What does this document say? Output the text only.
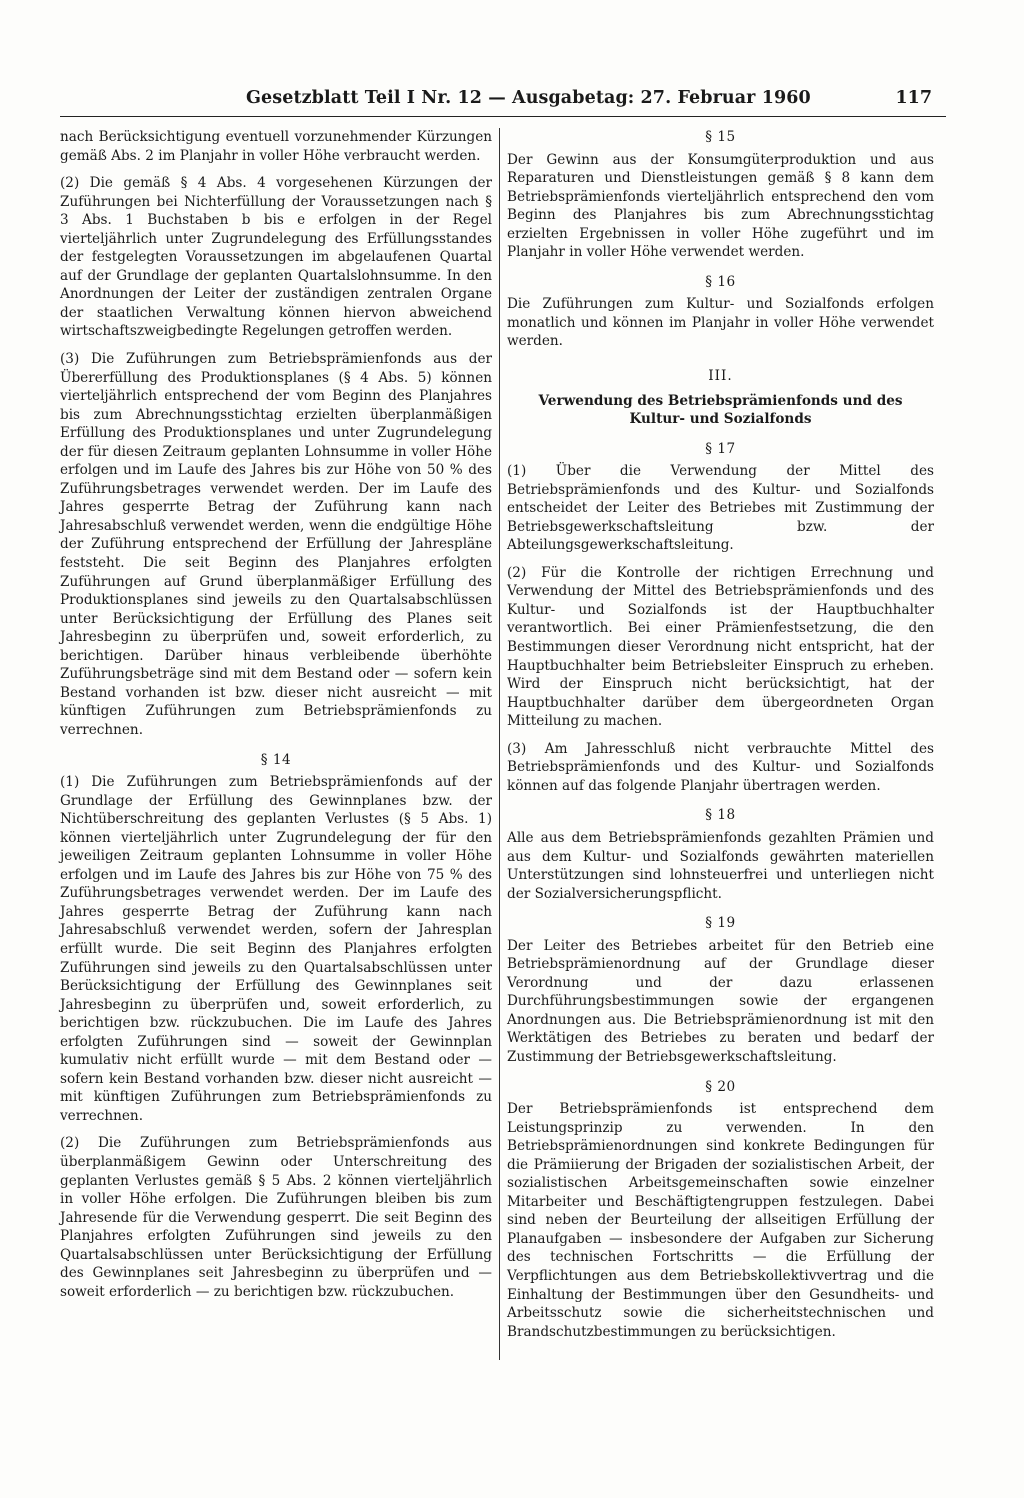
Gesetzblatt Teil I Nr. 12 — Ausgabetag: 27. Februar 1960	117

nach Berücksichtigung eventuell vorzunehmender Kürzungen gemäß Abs. 2 im Planjahr in voller Höhe verbraucht werden.

(2) Die gemäß § 4 Abs. 4 vorgesehenen Kürzungen der Zuführungen bei Nichterfüllung der Voraussetzungen nach § 3 Abs. 1 Buchstaben b bis e erfolgen in der Regel vierteljährlich unter Zugrundelegung des Erfüllungsstandes der festgelegten Voraussetzungen im abgelaufenen Quartal auf der Grundlage der geplanten Quartalslohnsumme. In den Anordnungen der Leiter der zuständigen zentralen Organe der staatlichen Verwaltung können hiervon abweichend wirtschaftszweigbedingte Regelungen getroffen werden.

(3) Die Zuführungen zum Betriebsprämienfonds aus der Übererfüllung des Produktionsplanes (§ 4 Abs. 5) können vierteljährlich entsprechend der vom Beginn des Planjahres bis zum Abrechnungsstichtag erzielten überplanmäßigen Erfüllung des Produktionsplanes und unter Zugrundelegung der für diesen Zeitraum geplanten Lohnsumme in voller Höhe erfolgen und im Laufe des Jahres bis zur Höhe von 50 % des Zuführungsbetrages verwendet werden. Der im Laufe des Jahres gesperrte Betrag der Zuführung kann nach Jahresabschluß verwendet werden, wenn die endgültige Höhe der Zuführung entsprechend der Erfüllung der Jahrespläne feststeht. Die seit Beginn des Planjahres erfolgten Zuführungen auf Grund überplanmäßiger Erfüllung des Produktionsplanes sind jeweils zu den Quartalsabschlüssen unter Berücksichtigung der Erfüllung des Planes seit Jahresbeginn zu überprüfen und, soweit erforderlich, zu berichtigen. Darüber hinaus verbleibende überhöhte Zuführungsbeträge sind mit dem Bestand oder — sofern kein Bestand vorhanden ist bzw. dieser nicht ausreicht — mit künftigen Zuführungen zum Betriebsprämienfonds zu verrechnen.

§ 14

(1) Die Zuführungen zum Betriebsprämienfonds auf der Grundlage der Erfüllung des Gewinnplanes bzw. der Nichtüberschreitung des geplanten Verlustes (§ 5 Abs. 1) können vierteljährlich unter Zugrundelegung der für den jeweiligen Zeitraum geplanten Lohnsumme in voller Höhe erfolgen und im Laufe des Jahres bis zur Höhe von 75 % des Zuführungsbetrages verwendet werden. Der im Laufe des Jahres gesperrte Betrag der Zuführung kann nach Jahresabschluß verwendet werden, sofern der Jahresplan erfüllt wurde. Die seit Beginn des Planjahres erfolgten Zuführungen sind jeweils zu den Quartalsabschlüssen unter Berücksichtigung der Erfüllung des Gewinnplanes seit Jahresbeginn zu überprüfen und, soweit erforderlich, zu berichtigen bzw. rückzubuchen. Die im Laufe des Jahres erfolgten Zuführungen sind — soweit der Gewinnplan kumulativ nicht erfüllt wurde — mit dem Bestand oder — sofern kein Bestand vorhanden bzw. dieser nicht ausreicht — mit künftigen Zuführungen zum Betriebsprämienfonds zu verrechnen.

(2) Die Zuführungen zum Betriebsprämienfonds aus überplanmäßigem Gewinn oder Unterschreitung des geplanten Verlustes gemäß § 5 Abs. 2 können vierteljährlich in voller Höhe erfolgen. Die Zuführungen bleiben bis zum Jahresende für die Verwendung gesperrt. Die seit Beginn des Planjahres erfolgten Zuführungen sind jeweils zu den Quartalsabschlüssen unter Berücksichtigung der Erfüllung des Gewinnplanes seit Jahresbeginn zu überprüfen und — soweit erforderlich — zu berichtigen bzw. rückzubuchen.

§ 15

Der Gewinn aus der Konsumgüterproduktion und aus Reparaturen und Dienstleistungen gemäß § 8 kann dem Betriebsprämienfonds vierteljährlich entsprechend den vom Beginn des Planjahres bis zum Abrechnungsstichtag erzielten Ergebnissen in voller Höhe zugeführt und im Planjahr in voller Höhe verwendet werden.

§ 16

Die Zuführungen zum Kultur- und Sozialfonds erfolgen monatlich und können im Planjahr in voller Höhe verwendet werden.

III.
Verwendung des Betriebsprämienfonds und des Kultur- und Sozialfonds
§ 17

(1) Über die Verwendung der Mittel des Betriebsprämienfonds und des Kultur- und Sozialfonds entscheidet der Leiter des Betriebes mit Zustimmung der Betriebsgewerkschaftsleitung bzw. der Abteilungsgewerkschaftsleitung.

(2) Für die Kontrolle der richtigen Errechnung und Verwendung der Mittel des Betriebsprämienfonds und des Kultur- und Sozialfonds ist der Hauptbuchhalter verantwortlich. Bei einer Prämienfestsetzung, die den Bestimmungen dieser Verordnung nicht entspricht, hat der Hauptbuchhalter beim Betriebsleiter Einspruch zu erheben. Wird der Einspruch nicht berücksichtigt, hat der Hauptbuchhalter darüber dem übergeordneten Organ Mitteilung zu machen.

(3) Am Jahresschluß nicht verbrauchte Mittel des Betriebsprämienfonds und des Kultur- und Sozialfonds können auf das folgende Planjahr übertragen werden.

§ 18

Alle aus dem Betriebsprämienfonds gezahlten Prämien und aus dem Kultur- und Sozialfonds gewährten materiellen Unterstützungen sind lohnsteuerfrei und unterliegen nicht der Sozialversicherungspflicht.

§ 19

Der Leiter des Betriebes arbeitet für den Betrieb eine Betriebsprämienordnung auf der Grundlage dieser Verordnung und der dazu erlassenen Durchführungsbestimmungen sowie der ergangenen Anordnungen aus. Die Betriebsprämienordnung ist mit den Werktätigen des Betriebes zu beraten und bedarf der Zustimmung der Betriebsgewerkschaftsleitung.

§ 20

Der Betriebsprämienfonds ist entsprechend dem Leistungsprinzip zu verwenden. In den Betriebsprämienordnungen sind konkrete Bedingungen für die Prämiierung der Brigaden der sozialistischen Arbeit, der sozialistischen Arbeitsgemeinschaften sowie einzelner Mitarbeiter und Beschäftigtengruppen festzulegen. Dabei sind neben der Beurteilung der allseitigen Erfüllung der Planaufgaben — insbesondere der Aufgaben zur Sicherung des technischen Fortschritts — die Erfüllung der Verpflichtungen aus dem Betriebskollektivvertrag und die Einhaltung der Bestimmungen über den Gesundheits- und Arbeitsschutz sowie die sicherheitstechnischen und Brandschutzbestimmungen zu berücksichtigen.
